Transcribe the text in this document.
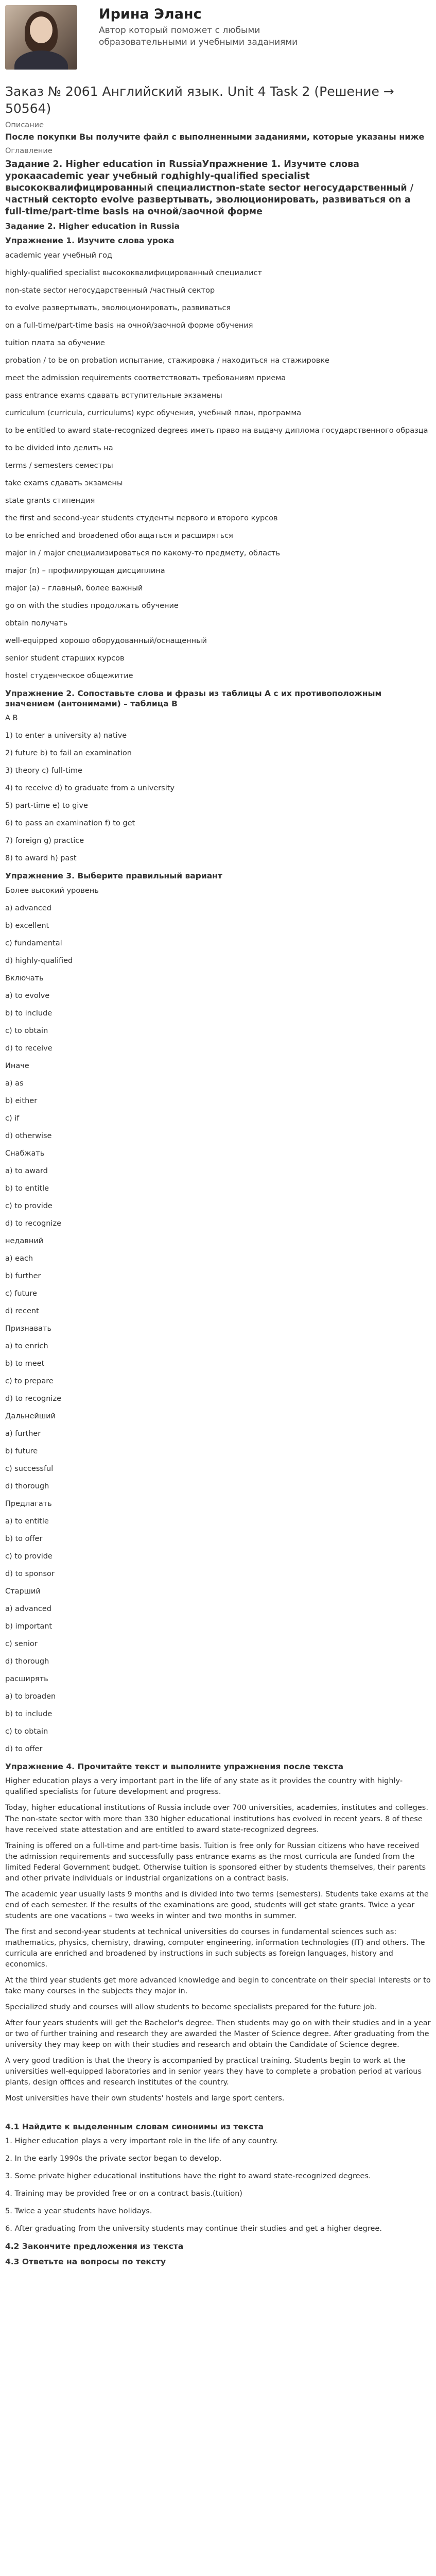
Ирина Эланс
Автор который поможет с любыми образовательными и учебными заданиями
Заказ № 2061 Английский язык. Unit 4 Task 2 (Решение → 50564)
Описание
После покупки Вы получите файл с выполненными заданиями, которые указаны ниже
Оглавление
Задание 2. Higher education in RussiaУпражнение 1. Изучите слова урокаacademic year учебный годhighly-qualified specialist высококвалифицированный специалистnon-state sector негосударственный /частный секторto evolve развертывать, эволюционировать, развиваться on a full-time/part-time basis на очной/заочной форме
Задание 2. Higher education in Russia
Упражнение 1. Изучите слова урока
academic year учебный год
highly-qualified specialist высококвалифицированный специалист
non-state sector негосударственный /частный сектор
to evolve развертывать, эволюционировать, развиваться
on a full-time/part-time basis на очной/заочной форме обучения
tuition плата за обучение
probation / to be on probation испытание, стажировка / находиться на стажировке
meet the admission requirements соответствовать требованиям приема
pass entrance exams сдавать вступительные экзамены
curriculum (curricula, curriculums) курс обучения, учебный план, программа
to be entitled to award state-recognized degrees иметь право на выдачу диплома государственного образца
to be divided into делить на
terms / semesters семестры
take exams сдавать экзамены
state grants стипендия
the first and second-year students студенты первого и второго курсов
to be enriched and broadened обогащаться и расширяться
major in / major специализироваться по какому-то предмету, область
major (n) – профилирующая дисциплина
major (a) – главный, более важный
go on with the studies продолжать обучение
obtain получать
well-equipped хорошо оборудованный/оснащенный
senior student старших курсов
hostel студенческое общежитие
Упражнение 2. Сопоставьте слова и фразы из таблицы А с их противоположным значением (антонимами) – таблица В
A B
1) to enter a university a) native
2) future b) to fail an examination
3) theory c) full-time
4) to receive d) to graduate from a university
5) part-time e) to give
6) to pass an examination f) to get
7) foreign g) practice
8) to award h) past
Упражнение 3. Выберите правильный вариант
Более высокий уровень
a) advanced
b) excellent
c) fundamental
d) highly-qualified
Включать
a) to evolve
b) to include
c) to obtain
d) to receive
Иначе
a) as
b) either
c) if
d) otherwise
Снабжать
a) to award
b) to entitle
c) to provide
d) to recognize
недавний
a) each
b) further
c) future
d) recent
Признавать
a) to enrich
b) to meet
c) to prepare
d) to recognize
Дальнейший
a) further
b) future
c) successful
d) thorough
Предлагать
a) to entitle
b) to offer
c) to provide
d) to sponsor
Старший
a) advanced
b) important
c) senior
d) thorough
расширять
a) to broaden
b) to include
c) to obtain
d) to offer
Упражнение 4. Прочитайте текст и выполните упражнения после текста
Higher education plays a very important part in the life of any state as it provides the country with highly-qualified specialists for future development and progress.
Today, higher educational institutions of Russia include over 700 universities, academies, institutes and colleges. The non-state sector with more than 330 higher educational institutions has evolved in recent years. 8 of these have received state attestation and are entitled to award state-recognized degrees.
Training is offered on a full-time and part-time basis. Tuition is free only for Russian citizens who have received the admission requirements and successfully pass entrance exams as the most curricula are funded from the limited Federal Government budget. Otherwise tuition is sponsored either by students themselves, their parents and other private individuals or industrial organizations on a contract basis.
The academic year usually lasts 9 months and is divided into two terms (semesters). Students take exams at the end of each semester. If the results of the examinations are good, students will get state grants. Twice a year students are one vacations – two weeks in winter and two months in summer.
The first and second-year students at technical universities do courses in fundamental sciences such as: mathematics, physics, chemistry, drawing, computer engineering, information technologies (IT) and others. The curricula are enriched and broadened by instructions in such subjects as foreign languages, history and economics.
At the third year students get more advanced knowledge and begin to concentrate on their special interests or to take many courses in the subjects they major in.
Specialized study and courses will allow students to become specialists prepared for the future job.
After four years students will get the Bachelor's degree. Then students may go on with their studies and in a year or two of further training and research they are awarded the Master of Science degree. After graduating from the university they may keep on with their studies and research and obtain the Candidate of Science degree.
A very good tradition is that the theory is accompanied by practical training. Students begin to work at the universities well-equipped laboratories and in senior years they have to complete a probation period at various plants, design offices and research institutes of the country.
Most universities have their own students' hostels and large sport centers.
4.1 Найдите к выделенным словам синонимы из текста
1. Higher education plays a very important role in the life of any country.
2. In the early 1990s the private sector began to develop.
3. Some private higher educational institutions have the right to award state-recognized degrees.
4. Training may be provided free or on a contract basis.(tuition)
5. Twice a year students have holidays.
6. After graduating from the university students may continue their studies and get a higher degree.
4.2 Закончите предложения из текста
4.3 Ответьте на вопросы по тексту
